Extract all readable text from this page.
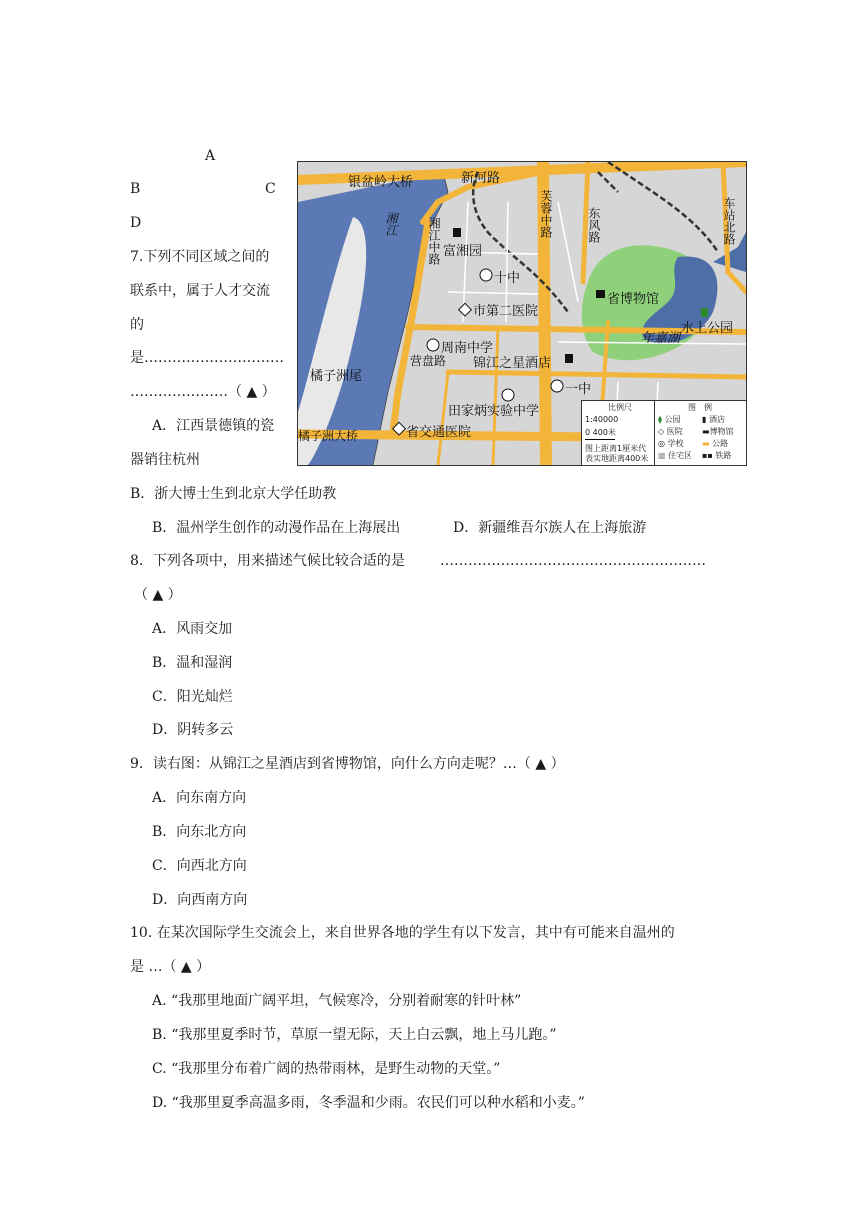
A
B	C
D
7.下列不同区域之间的
联系中，属于人才交流
的
是…………………………
…………………（ ▲ ）
A．江西景德镇的瓷
器销往杭州
B．浙大博士生到北京大学任助教
B．温州学生创作的动漫作品在上海展出	D．新疆维吾尔族人在上海旅游
8．下列各项中，用来描述气候比较合适的是	…………………………………………………
（ ▲ ）
A．风雨交加
B．温和湿润
C．阳光灿烂
D．阴转多云
9．读右图：从锦江之星酒店到省博物馆，向什么方向走呢？…（ ▲ ）
A．向东南方向
B．向东北方向
C．向西北方向
D．向西南方向
10. 在某次国际学生交流会上，来自世界各地的学生有以下发言，其中有可能来自温州的
是 …（ ▲ ）
A. “我那里地面广阔平坦，气候寒冷，分别着耐寒的针叶林”
B. “我那里夏季时节，草原一望无际，天上白云飘，地上马儿跑。”
C. “我那里分布着广阔的热带雨林，是野生动物的天堂。”
D. “我那里夏季高温多雨，冬季温和少雨。农民们可以种水稻和小麦。”
银盆岭大桥	新河路
湘江中路
芙蓉中路	东风路	车站北路
营盘路
橘子洲大桥
湘江
橘子洲尾
年嘉湖
富湘园
十中
省博物馆
水上公园
市第二医院
周南中学
锦江之星酒店
一中
田家炳实验中学
省交通医院
比例尺
1:40000
0 400米
图上距离1厘米代
表实地距离400米
图　例
⧫ 公园	▮ 酒店
◇ 医院 ▬博物馆
◎ 学校 ▬ 公路
▩ 住宅区 ▪▪ 铁路
